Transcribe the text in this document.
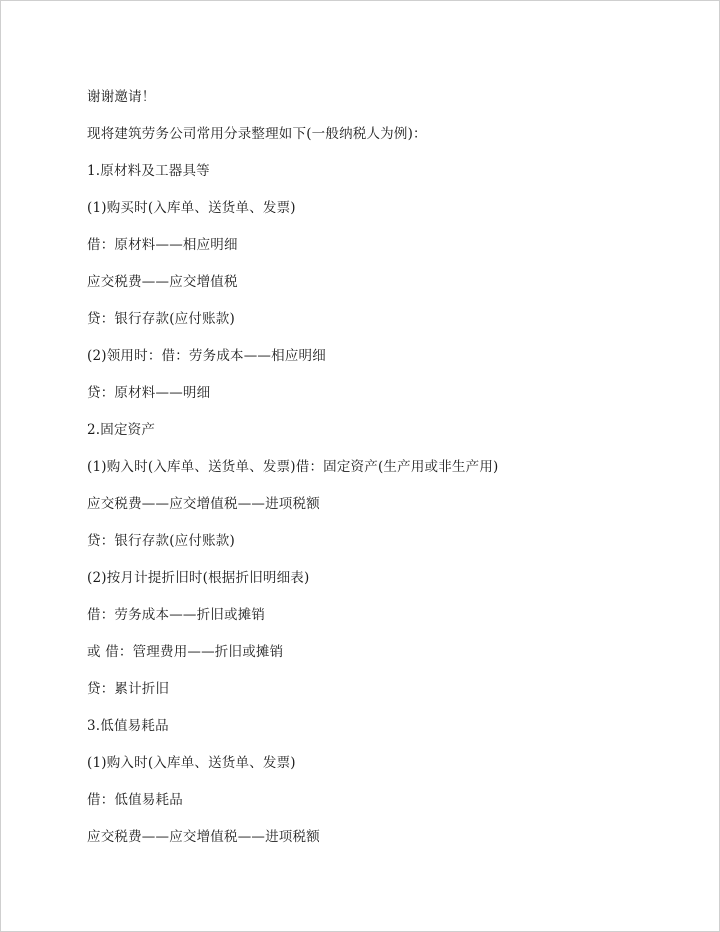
谢谢邀请！
现将建筑劳务公司常用分录整理如下(一般纳税人为例)：
1.原材料及工器具等
(1)购买时(入库单、送货单、发票)
借：原材料——相应明细
应交税费——应交增值税
贷：银行存款(应付账款)
(2)领用时：借：劳务成本——相应明细
贷：原材料——明细
2.固定资产
(1)购入时(入库单、送货单、发票)借：固定资产(生产用或非生产用)
应交税费——应交增值税——进项税额
贷：银行存款(应付账款)
(2)按月计提折旧时(根据折旧明细表)
借：劳务成本——折旧或摊销
或 借：管理费用——折旧或摊销
贷：累计折旧
3.低值易耗品
(1)购入时(入库单、送货单、发票)
借：低值易耗品
应交税费——应交增值税——进项税额
